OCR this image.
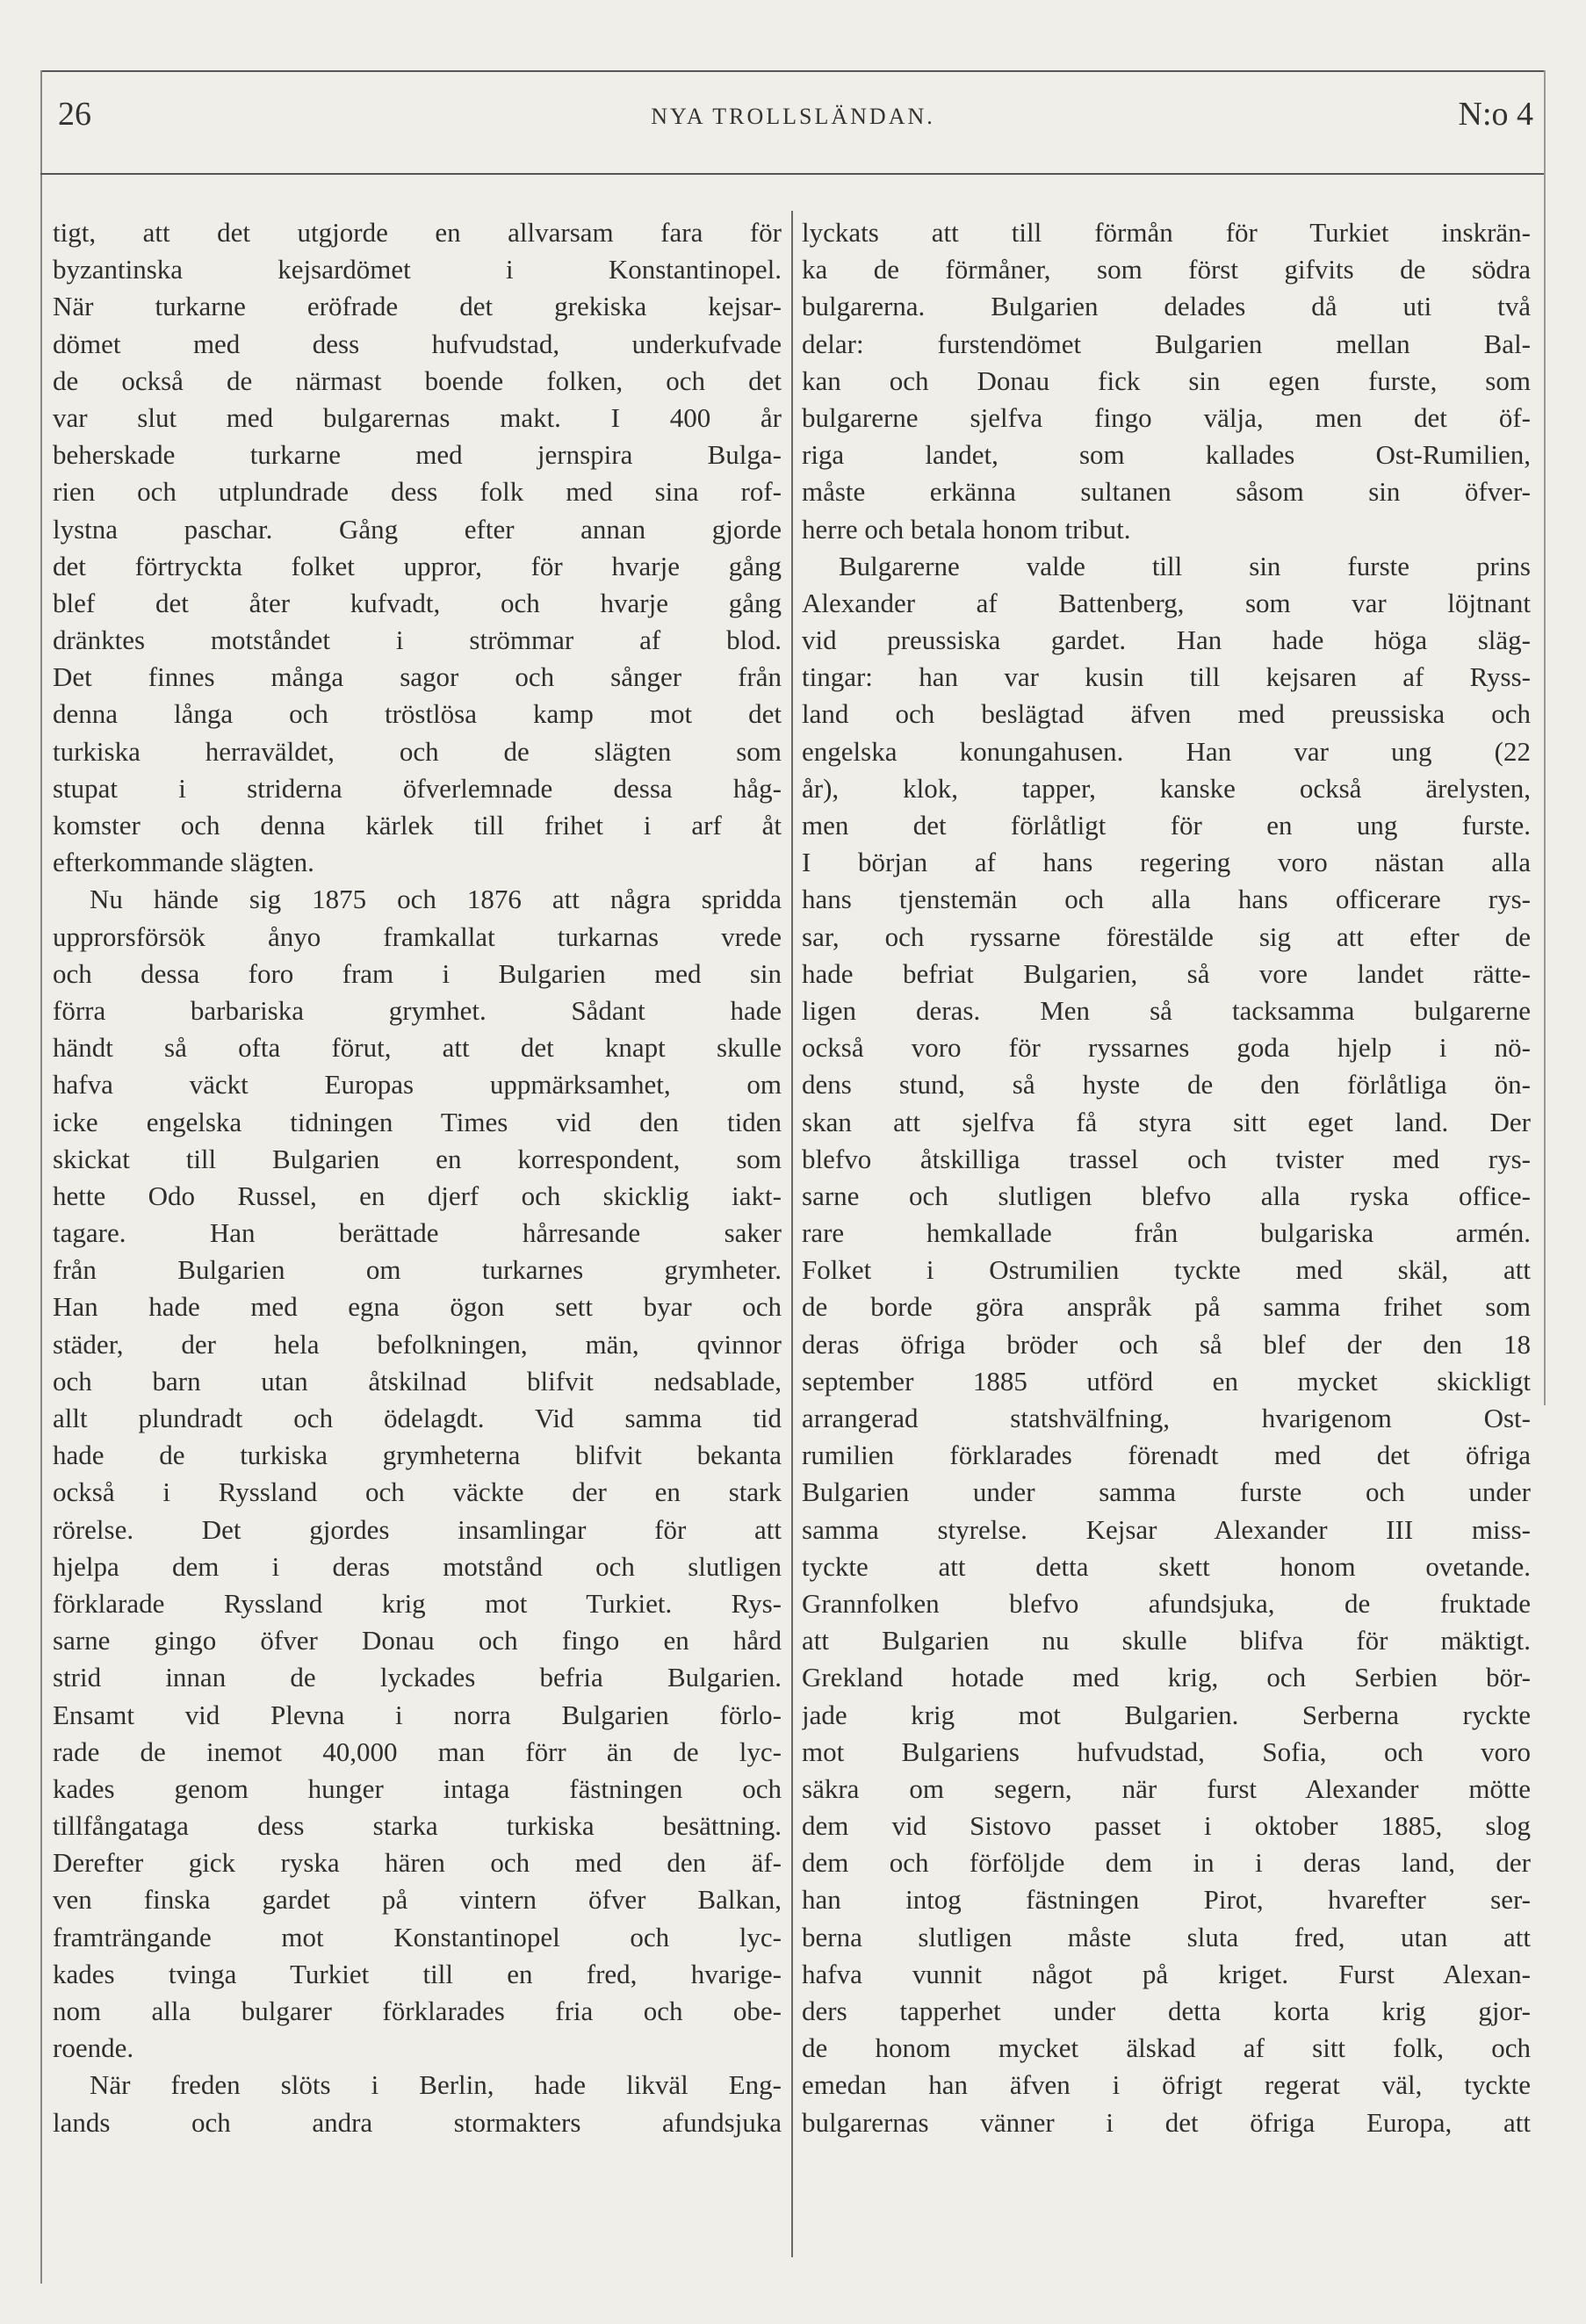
26	NYA TROLLSLÄNDAN.	N:o 4
tigt, att det utgjorde en allvarsam fara för
byzantinska kejsardömet i Konstantinopel.
När turkarne eröfrade det grekiska kejsar-
dömet med dess hufvudstad, underkufvade
de också de närmast boende folken, och det
var slut med bulgarernas makt. I 400 år
beherskade turkarne med jernspira Bulga-
rien och utplundrade dess folk med sina rof-
lystna paschar. Gång efter annan gjorde
det förtryckta folket uppror, för hvarje gång
blef det åter kufvadt, och hvarje gång
dränktes motståndet i strömmar af blod.
Det finnes många sagor och sånger från
denna långa och tröstlösa kamp mot det
turkiska herraväldet, och de slägten som
stupat i striderna öfverlemnade dessa håg-
komster och denna kärlek till frihet i arf åt
efterkommande slägten.
Nu hände sig 1875 och 1876 att några spridda
upprorsförsök ånyo framkallat turkarnas vrede
och dessa foro fram i Bulgarien med sin
förra barbariska grymhet. Sådant hade
händt så ofta förut, att det knapt skulle
hafva väckt Europas uppmärksamhet, om
icke engelska tidningen Times vid den tiden
skickat till Bulgarien en korrespondent, som
hette Odo Russel, en djerf och skicklig iakt-
tagare. Han berättade hårresande saker
från Bulgarien om turkarnes grymheter.
Han hade med egna ögon sett byar och
städer, der hela befolkningen, män, qvinnor
och barn utan åtskilnad blifvit nedsablade,
allt plundradt och ödelagdt. Vid samma tid
hade de turkiska grymheterna blifvit bekanta
också i Ryssland och väckte der en stark
rörelse. Det gjordes insamlingar för att
hjelpa dem i deras motstånd och slutligen
förklarade Ryssland krig mot Turkiet. Rys-
sarne gingo öfver Donau och fingo en hård
strid innan de lyckades befria Bulgarien.
Ensamt vid Plevna i norra Bulgarien förlo-
rade de inemot 40,000 man förr än de lyc-
kades genom hunger intaga fästningen och
tillfångataga dess starka turkiska besättning.
Derefter gick ryska hären och med den äf-
ven finska gardet på vintern öfver Balkan,
framträngande mot Konstantinopel och lyc-
kades tvinga Turkiet till en fred, hvarige-
nom alla bulgarer förklarades fria och obe-
roende.
När freden slöts i Berlin, hade likväl Eng-
lands och andra stormakters afundsjuka
lyckats att till förmån för Turkiet inskrän-
ka de förmåner, som först gifvits de södra
bulgarerna. Bulgarien delades då uti två
delar: furstendömet Bulgarien mellan Bal-
kan och Donau fick sin egen furste, som
bulgarerne sjelfva fingo välja, men det öf-
riga landet, som kallades Ost-Rumilien,
måste erkänna sultanen såsom sin öfver-
herre och betala honom tribut.
Bulgarerne valde till sin furste prins
Alexander af Battenberg, som var löjtnant
vid preussiska gardet. Han hade höga släg-
tingar: han var kusin till kejsaren af Ryss-
land och beslägtad äfven med preussiska och
engelska konungahusen. Han var ung (22
år), klok, tapper, kanske också ärelysten,
men det förlåtligt för en ung furste.
I början af hans regering voro nästan alla
hans tjenstemän och alla hans officerare rys-
sar, och ryssarne förestälde sig att efter de
hade befriat Bulgarien, så vore landet rätte-
ligen deras. Men så tacksamma bulgarerne
också voro för ryssarnes goda hjelp i nö-
dens stund, så hyste de den förlåtliga ön-
skan att sjelfva få styra sitt eget land. Der
blefvo åtskilliga trassel och tvister med rys-
sarne och slutligen blefvo alla ryska office-
rare hemkallade från bulgariska armén.
Folket i Ostrumilien tyckte med skäl, att
de borde göra anspråk på samma frihet som
deras öfriga bröder och så blef der den 18
september 1885 utförd en mycket skickligt
arrangerad statshvälfning, hvarigenom Ost-
rumilien förklarades förenadt med det öfriga
Bulgarien under samma furste och under
samma styrelse. Kejsar Alexander III miss-
tyckte att detta skett honom ovetande.
Grannfolken blefvo afundsjuka, de fruktade
att Bulgarien nu skulle blifva för mäktigt.
Grekland hotade med krig, och Serbien bör-
jade krig mot Bulgarien. Serberna ryckte
mot Bulgariens hufvudstad, Sofia, och voro
säkra om segern, när furst Alexander mötte
dem vid Sistovo passet i oktober 1885, slog
dem och förföljde dem in i deras land, der
han intog fästningen Pirot, hvarefter ser-
berna slutligen måste sluta fred, utan att
hafva vunnit något på kriget. Furst Alexan-
ders tapperhet under detta korta krig gjor-
de honom mycket älskad af sitt folk, och
emedan han äfven i öfrigt regerat väl, tyckte
bulgarernas vänner i det öfriga Europa, att
